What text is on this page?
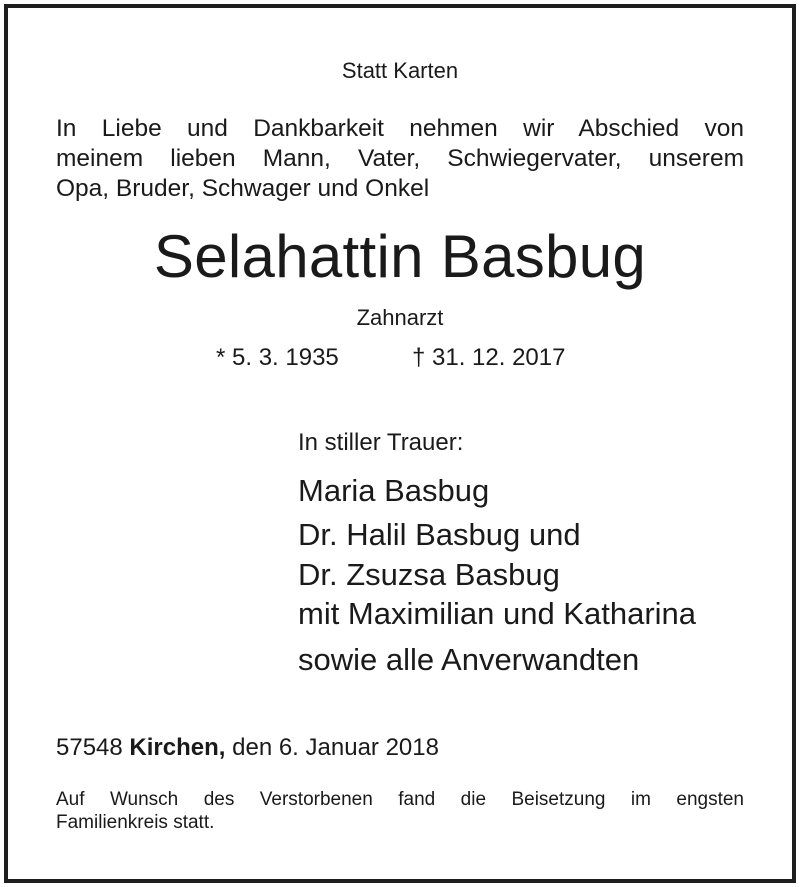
Statt Karten
In Liebe und Dankbarkeit nehmen wir Abschied von
meinem lieben Mann, Vater, Schwiegervater, unserem
Opa, Bruder, Schwager und Onkel
Selahattin Basbug
Zahnarzt
* 5. 3. 1935	† 31. 12. 2017
In stiller Trauer:
Maria Basbug
Dr. Halil Basbug und
Dr. Zsuzsa Basbug
mit Maximilian und Katharina
sowie alle Anverwandten
57548 Kirchen, den 6. Januar 2018
Auf Wunsch des Verstorbenen fand die Beisetzung im engsten
Familienkreis statt.
